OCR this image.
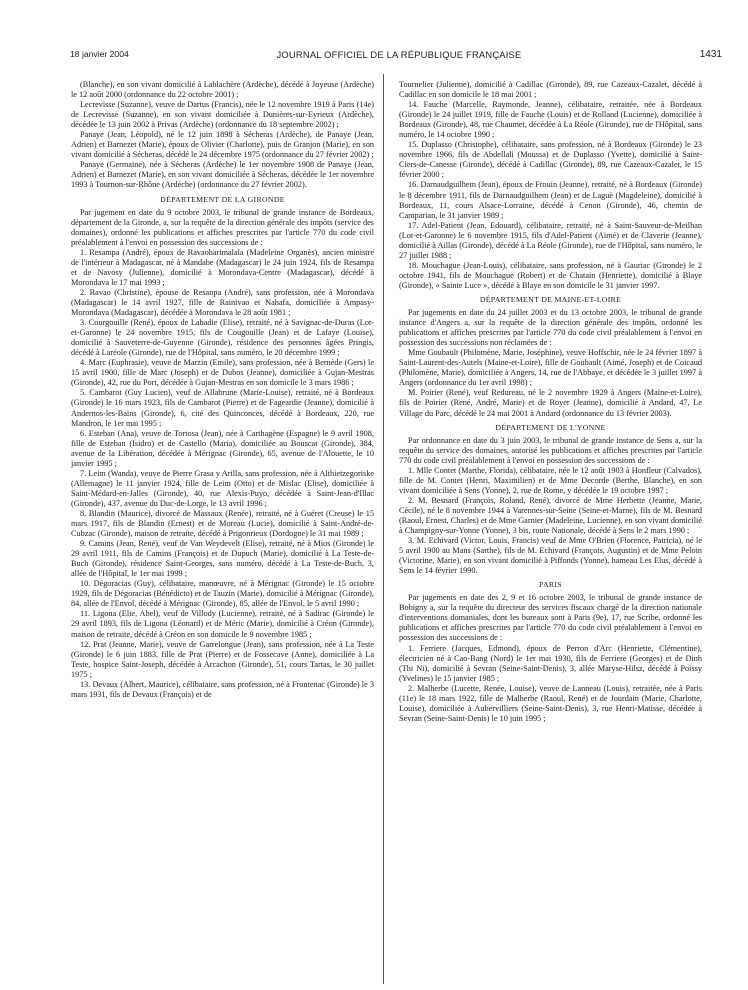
18 janvier 2004	JOURNAL OFFICIEL DE LA RÉPUBLIQUE FRANÇAISE	1431

(Blanche), en son vivant domicilié à Lablachère (Ardèche), décédé à Joyeuse (Ardèche) le 12 août 2000 (ordonnance du 22 octobre 2001) ;

Lecrevisse (Suzanne), veuve de Dartus (Francis), née le 12 novembre 1919 à Paris (14e) de Lecrevisse (Suzanne), en son vivant domiciliée à Dunières-sur-Eyrieux (Ardèche), décédée le 13 juin 2002 à Privas (Ardèche) (ordonnance du 18 septembre 2002) ;

Panaye (Jean, Léopold), né le 12 juin 1898 à Sécheras (Ardèche), de Panaye (Jean, Adrien) et Barnezet (Marie), époux de Olivier (Charlotte), puis de Granjon (Marie), en son vivant domicilié à Sécheras, décédé le 24 décembre 1975 (ordonnance du 27 février 2002) ;

Panaye (Germaine), née à Sécheras (Ardèche) le 1er novembre 1908 de Panaye (Jean, Adrien) et Barnezet (Marie), en son vivant domiciliée à Sécheras, décédée le 1er novembre 1993 à Tournon-sur-Rhône (Ardèche) (ordonnance du 27 février 2002).

DÉPARTEMENT DE LA GIRONDE

Par jugement en date du 9 octobre 2003, le tribunal de grande instance de Bordeaux, département de la Gironde, a, sur la requête de la direction générale des impôts (service des domaines), ordonné les publications et affiches prescrites par l'article 770 du code civil préalablement à l'envoi en possession des successions de :

1. Resampa (André), époux de Ravaoharimalala (Madeleine Organès), ancien ministre de l'intérieur à Madagascar, né à Mandabe (Madagascar) le 24 juin 1924, fils de Resampa et de Navosy (Julienne), domicilié à Morondava-Centre (Madagascar), décédé à Morondava le 17 mai 1993 ;

2. Ravao (Christine), épouse de Resanpa (André), sans profession, née à Morondava (Madagascar) le 14 avril 1927, fille de Rainivao et Nahafa, domiciliée à Ampasy-Morondava (Madagascar), décédée à Morondava le 28 août 1981 ;

3. Courgouille (René), époux de Labadie (Elise), retraité, né à Savignac-de-Duras (Lot-et-Garonne) le 24 novembre 1915, fils de Cougouille (Jean) et de Lafaye (Louise), domicilié à Sauveterre-de-Guyenne (Gironde), résidence des personnes âgées Pringis, décédé à Laréole (Gironde), rue de l'Hôpital, sans numéro, le 20 décembre 1999 ;

4. Marc (Euphrasie), veuve de Marzin (Emile), sans profession, née à Bernède (Gers) le 15 avril 1900, fille de Marc (Joseph) et de Dubos (Jeanne), domiciliée à Gujan-Mestras (Gironde), 42, rue du Port, décédée à Gujan-Mestras en son domicile le 3 mars 1986 ;

5. Cambarot (Guy Lucien), veuf de Allabrune (Marie-Louise), retraité, né à Bordeaux (Gironde) le 16 mars 1923, fils de Cambarot (Pierre) et de Fageardie (Jeanne), domicilié à Andernos-les-Bains (Gironde), 6, cité des Quinconces, décédé à Bordeaux, 220, rue Mandron, le 1er mai 1995 ;

6. Esteban (Ana), veuve de Tortosa (Jean), née à Carthagène (Espagne) le 9 avril 1908, fille de Esteban (Isidro) et de Castello (Maria), domiciliée au Bouscat (Gironde), 384, avenue de la Libération, décédée à Mérignac (Gironde), 65, avenue de l'Alouette, le 10 janvier 1995 ;

7. Leim (Wanda), veuve de Pierre Grasa y Arilla, sans profession, née à Althietzegoriske (Allemagne) le 11 janvier 1924, fille de Leim (Otto) et de Mislac (Elise), domiciliée à Saint-Médard-en-Jalles (Gironde), 40, rue Alexis-Puyo, décédée à Saint-Jean-d'Illac (Gironde), 437, avenue du Duc-de-Lorge, le 13 avril 1996 ;

8. Blandin (Maurice), divorcé de Massaux (Renée), retraité, né à Guéret (Creuse) le 15 mars 1917, fils de Blandin (Ernest) et de Moreau (Lucie), domicilié à Saint-André-de-Cubzac (Gironde), maison de retraite, décédé à Prigonrieux (Dordogne) le 31 mai 1989 ;

9. Camins (Jean, René), veuf de Van Weydevelt (Elise), retraité, né à Mios (Gironde) le 29 avril 1911, fils de Camins (François) et de Dupuch (Marie), domicilié à La Teste-de-Buch (Gironde), résidence Saint-Georges, sans numéro, décédé à La Teste-de-Buch, 3, allée de l'Hôpital, le 1er mai 1999 ;

10. Dégoracias (Guy), célibataire, manœuvre, né à Mérignac (Gironde) le 15 octobre 1929, fils de Dégoracias (Bénédicto) et de Tauzin (Marie), domicilié à Mérignac (Gironde), 84, allée de l'Envol, décédé à Mérignac (Gironde), 85, allée de l'Envol, le 5 avril 1990 ;

11. Ligona (Elie, Abel), veuf de Villody (Lucienne), retraité, né à Sadirac (Gironde) le 29 avril 1893, fils de Ligona (Léonard) et de Méric (Marie), domicilié à Créon (Gironde), maison de retraite, décédé à Créon en son domicile le 9 novembre 1985 ;

12. Prat (Jeanne, Marie), veuve de Garrelongue (Jean), sans profession, née à La Teste (Gironde) le 6 juin 1883, fille de Prat (Pierre) et de Fossecave (Anne), domiciliée à La Teste, hospice Saint-Joseph, décédée à Arcachon (Gironde), 51, cours Tartas, le 30 juillet 1975 ;

13. Devaux (Albert, Maurice), célibataire, sans profession, né à Frontenac (Gironde) le 3 mars 1931, fils de Devaux (François) et de

Tournelier (Julienne), domicilié à Cadillac (Gironde), 89, rue Cazeaux-Cazalet, décédé à Cadillac en son domicile le 18 mai 2001 ;

14. Fauche (Marcelle, Raymonde, Jeanne), célibataire, retraitée, née à Bordeaux (Gironde) le 24 juillet 1919, fille de Fauche (Louis) et de Rolland (Lucienne), domiciliée à Bordeaux (Gironde), 48, rue Chaumet, décédée à La Réole (Gironde), rue de l'Hôpital, sans numéro, le 14 octobre 1990 ;

15. Duplasso (Christophe), célibataire, sans profession, né à Bordeaux (Gironde) le 23 novembre 1966, fils de Abdellali (Moussa) et de Duplasso (Yvette), domicilié à Saint-Ciers-de-Canesse (Gironde), décédé à Cadillac (Gironde), 89, rue Cazeaux-Cazalet, le 15 février 2000 ;

16. Darnaudguilhem (Jean), époux de Frouin (Jeanne), retraité, né à Bordeaux (Gironde) le 8 décembre 1911, fils de Darnaudguilhem (Jean) et de Laguë (Magdeleine), domicilié à Bordeaux, 11, cours Alsace-Lorraine, décédé à Cenon (Gironde), 46, chemin de Camparian, le 31 janvier 1989 ;

17. Adel-Patient (Jean, Edouard), célibataire, retraité, né à Saint-Sauveur-de-Meilhan (Lot-et-Garonne) le 6 novembre 1915, fils d'Adel-Patient (Aimé) et de Claverie (Jeanne), domicilié à Aillas (Gironde), décédé à La Réole (Gironde), rue de l'Hôpital, sans numéro, le 27 juillet 1988 ;

18. Mouchague (Jean-Louis), célibataire, sans profession, né à Gauriac (Gironde) le 2 octobre 1941, fils de Mouchague (Robert) et de Chatain (Henriette), domicilié à Blaye (Gironde), « Sainte Luce », décédé à Blaye en son domicile le 31 janvier 1997.

DÉPARTEMENT DE MAINE-ET-LOIRE

Par jugements en date du 24 juillet 2003 et du 13 octobre 2003, le tribunal de grande instance d'Angers a, sur la requête de la direction générale des impôts, ordonné les publications et affiches prescrites par l'article 770 du code civil préalablement à l'envoi en possession des successions non réclamées de :

Mme Goubault (Philomène, Marie, Joséphine), veuve Hoffschir, née le 24 février 1897 à Saint-Laurent-des-Autels (Maine-et-Loire), fille de Goubault (Aimé, Joseph) et de Coicaud (Philomène, Marie), domiciliée à Angers, 14, rue de l'Abbaye, et décédée le 3 juillet 1997 à Angers (ordonnance du 1er avril 1998) ;

M. Poirier (René), veuf Redureau, né le 2 novembre 1929 à Angers (Maine-et-Loire), fils de Poirier (René, André, Marie) et de Royer (Jeanne), domicilié à Andard, 47, Le Village du Parc, décédé le 24 mai 2001 à Andard (ordonnance du 13 février 2003).

DÉPARTEMENT DE L'YONNE

Par ordonnance en date du 3 juin 2003, le tribunal de grande instance de Sens a, sur la requête du service des domaines, autorisé les publications et affiches prescrites par l'article 770 du code civil préalablement à l'envoi en possession des successions de :

1. Mlle Contet (Marthe, Florida), célibataire, née le 12 août 1903 à Honfleur (Calvados), fille de M. Contet (Henri, Maximilien) et de Mme Decorde (Berthe, Blanche), en son vivant domiciliée à Sens (Yonne), 2, rue de Rome, y décédée le 19 octobre 1997 ;

2. M. Besnard (François, Roland, René), divorcé de Mme Herbette (Jeanne, Marie, Cécile), né le 8 novembre 1944 à Varennes-sur-Seine (Seine-et-Marne), fils de M. Besnard (Raoul, Ernest, Charles) et de Mme Garnier (Madeleine, Lucienne), en son vivant domicilié à Champigny-sur-Yonne (Yonne), 3 bis, route Nationale, décédé à Sens le 2 mars 1990 ;

3. M. Echivard (Victor, Louis, Francis) veuf de Mme O'Brien (Florence, Patricia), né le 5 avril 1900 au Mans (Sarthe), fils de M. Echivard (François, Augustin) et de Mme Peloin (Victorine, Marie), en son vivant domicilié à Piffonds (Yonne), hameau Les Elus, décédé à Sens le 14 février 1990.

PARIS

Par jugements en date des 2, 9 et 16 octobre 2003, le tribunal de grande instance de Bobigny a, sur la requête du directeur des services fiscaux chargé de la direction nationale d'interventions domaniales, dont les bureaux sont à Paris (9e), 17, rue Scribe, ordonné les publications et affiches prescrites par l'article 770 du code civil préalablement à l'envoi en possession des successions de :

1. Ferriere (Jacques, Edmond), époux de Perron d'Arc (Henriette, Clémentine), électricien né à Cao-Bang (Nord) le 1er mai 1930, fils de Ferriere (Georges) et de Dinh (Thi Ni), domicilié à Sevran (Seine-Saint-Denis), 3, allée Maryse-Hilsz, décédé à Poissy (Yvelines) le 15 janvier 1985 ;

2. Malherbe (Lucette, Renée, Louise), veuve de Lanneau (Louis), retraitée, née à Paris (11e) le 18 mars 1922, fille de Malherbe (Raoul, René) et de Jourdain (Marie, Charlotte, Louise), domiciliée à Aubervilliers (Seine-Saint-Denis), 3, rue Henri-Matisse, décédée à Sevran (Seine-Saint-Denis) le 10 juin 1995 ;
